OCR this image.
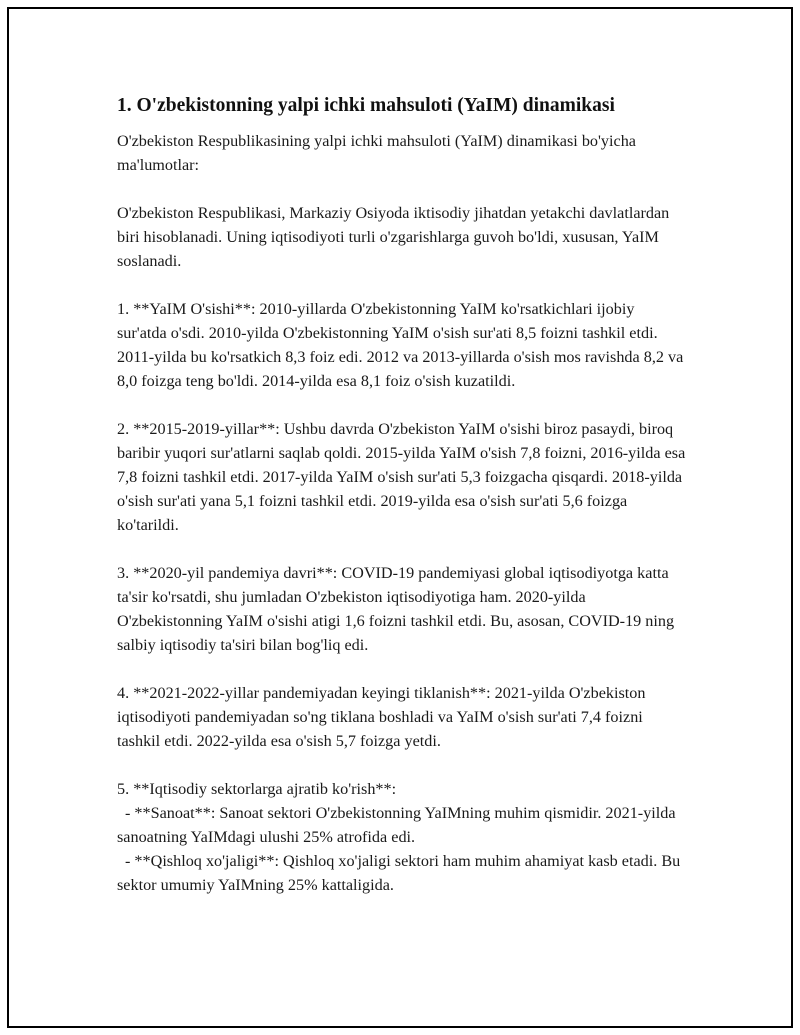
1. O'zbekistonning yalpi ichki mahsuloti (YaIM) dinamikasi
O'zbekiston Respublikasining yalpi ichki mahsuloti (YaIM) dinamikasi bo'yicha ma'lumotlar:
O'zbekiston Respublikasi, Markaziy Osiyoda iktisodiy jihatdan yetakchi davlatlardan biri hisoblanadi. Uning iqtisodiyoti turli o'zgarishlarga guvoh bo'ldi, xususan, YaIM soslanadi.
1. **YaIM O'sishi**: 2010-yillarda O'zbekistonning YaIM ko'rsatkichlari ijobiy sur'atda o'sdi. 2010-yilda O'zbekistonning YaIM o'sish sur'ati 8,5 foizni tashkil etdi. 2011-yilda bu ko'rsatkich 8,3 foiz edi. 2012 va 2013-yillarda o'sish mos ravishda 8,2 va 8,0 foizga teng bo'ldi. 2014-yilda esa 8,1 foiz o'sish kuzatildi.
2. **2015-2019-yillar**: Ushbu davrda O'zbekiston YaIM o'sishi biroz pasaydi, biroq baribir yuqori sur'atlarni saqlab qoldi. 2015-yilda YaIM o'sish 7,8 foizni, 2016-yilda esa 7,8 foizni tashkil etdi. 2017-yilda YaIM o'sish sur'ati 5,3 foizgacha qisqardi. 2018-yilda o'sish sur'ati yana 5,1 foizni tashkil etdi. 2019-yilda esa o'sish sur'ati 5,6 foizga ko'tarildi.
3. **2020-yil pandemiya davri**: COVID-19 pandemiyasi global iqtisodiyotga katta ta'sir ko'rsatdi, shu jumladan O'zbekiston iqtisodiyotiga ham. 2020-yilda O'zbekistonning YaIM o'sishi atigi 1,6 foizni tashkil etdi. Bu, asosan, COVID-19 ning salbiy iqtisodiy ta'siri bilan bog'liq edi.
4. **2021-2022-yillar pandemiyadan keyingi tiklanish**: 2021-yilda O'zbekiston iqtisodiyoti pandemiyadan so'ng tiklana boshladi va YaIM o'sish sur'ati 7,4 foizni tashkil etdi. 2022-yilda esa o'sish 5,7 foizga yetdi.
5. **Iqtisodiy sektorlarga ajratib ko'rish**:
- **Sanoat**: Sanoat sektori O'zbekistonning YaIMning muhim qismidir. 2021-yilda sanoatning YaIMdagi ulushi 25% atrofida edi.
- **Qishloq xo'jaligi**: Qishloq xo'jaligi sektori ham muhim ahamiyat kasb etadi. Bu sektor umumiy YaIMning 25% kattaligida.
